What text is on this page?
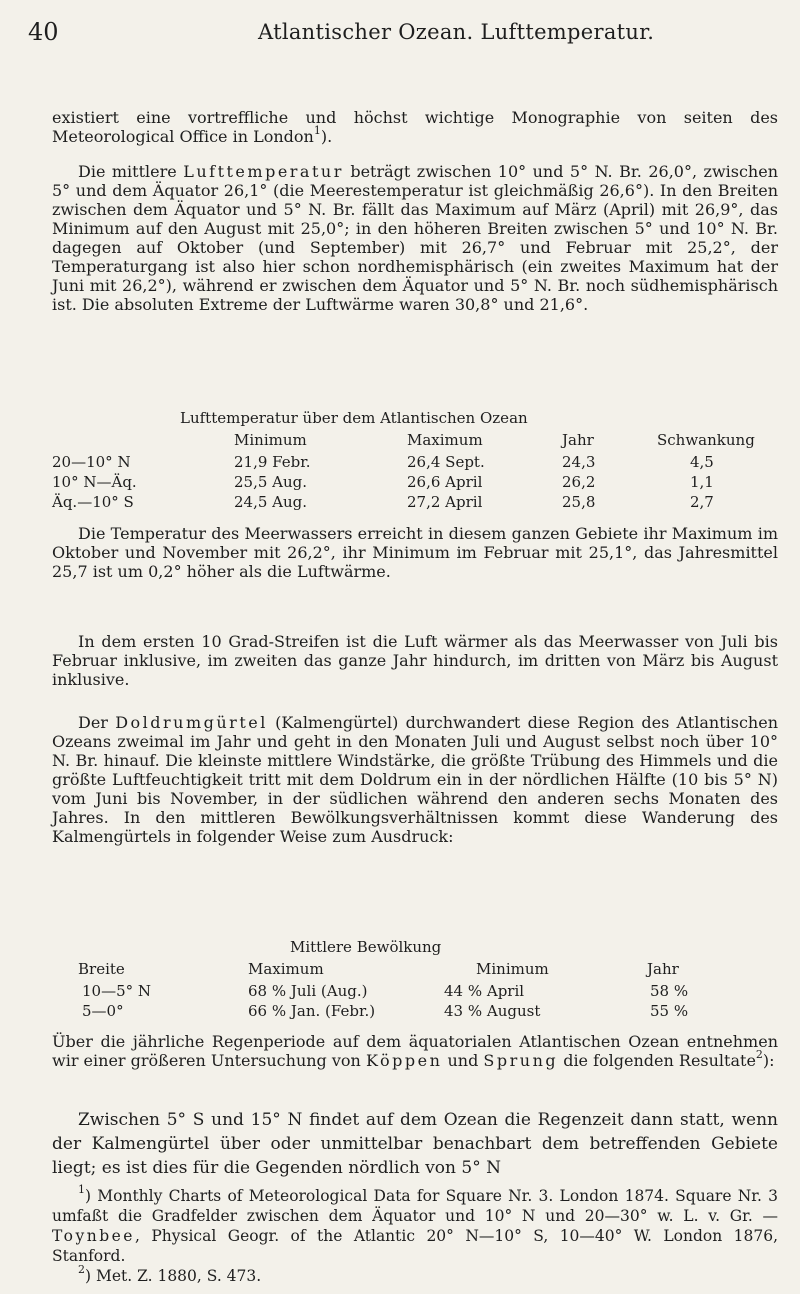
40	Atlantischer Ozean. Lufttemperatur.

existiert eine vortreffliche und höchst wichtige Monographie von seiten des Meteorological Office in London$^1$).

Die mittlere Lufttemperatur beträgt zwischen 10° und 5° N. Br. 26,0°, zwischen 5° und dem Äquator 26,1° (die Meerestemperatur ist gleichmäßig 26,6°). In den Breiten zwischen dem Äquator und 5° N. Br. fällt das Maximum auf März (April) mit 26,9°, das Minimum auf den August mit 25,0°; in den höheren Breiten zwischen 5° und 10° N. Br. dagegen auf Oktober (und September) mit 26,7° und Februar mit 25,2°, der Temperaturgang ist also hier schon nordhemisphärisch (ein zweites Maximum hat der Juni mit 26,2°), während er zwischen dem Äquator und 5° N. Br. noch südhemisphärisch ist. Die absoluten Extreme der Luftwärme waren 30,8° und 21,6°.

Lufttemperatur über dem Atlantischen Ozean
Minimum	Maximum	Jahr	Schwankung
20—10° N	21,9 Febr.	26,4 Sept.	24,3	4,5
10° N—Äq.	25,5 Aug.	26,6 April	26,2	1,1
Äq.—10° S	24,5 Aug.	27,2 April	25,8	2,7

Die Temperatur des Meerwassers erreicht in diesem ganzen Gebiete ihr Maximum im Oktober und November mit 26,2°, ihr Minimum im Februar mit 25,1°, das Jahresmittel 25,7 ist um 0,2° höher als die Luftwärme.

In dem ersten 10 Grad-Streifen ist die Luft wärmer als das Meerwasser von Juli bis Februar inklusive, im zweiten das ganze Jahr hindurch, im dritten von März bis August inklusive.

Der Doldrumgürtel (Kalmengürtel) durchwandert diese Region des Atlantischen Ozeans zweimal im Jahr und geht in den Monaten Juli und August selbst noch über 10° N. Br. hinauf. Die kleinste mittlere Windstärke, die größte Trübung des Himmels und die größte Luftfeuchtigkeit tritt mit dem Doldrum ein in der nördlichen Hälfte (10 bis 5° N) vom Juni bis November, in der südlichen während den anderen sechs Monaten des Jahres. In den mittleren Bewölkungsverhältnissen kommt diese Wanderung des Kalmengürtels in folgender Weise zum Ausdruck:

Mittlere Bewölkung
Breite	Maximum	Minimum	Jahr
10—5° N	68 % Juli (Aug.)	44 % April	58 %
5—0°	66 % Jan. (Febr.)	43 % August	55 %

Über die jährliche Regenperiode auf dem äquatorialen Atlantischen Ozean entnehmen wir einer größeren Untersuchung von Köppen und Sprung die folgenden Resultate$^2$):

Zwischen 5° S und 15° N findet auf dem Ozean die Regenzeit dann statt, wenn der Kalmengürtel über oder unmittelbar benachbart dem betreffenden Gebiete liegt; es ist dies für die Gegenden nördlich von 5° N

$^1$) Monthly Charts of Meteorological Data for Square Nr. 3. London 1874. Square Nr. 3 umfaßt die Gradfelder zwischen dem Äquator und 10° N und 20—30° w. L. v. Gr. — Toynbee, Physical Geogr. of the Atlantic 20° N—10° S, 10—40° W. London 1876, Stanford.

$^2$) Met. Z. 1880, S. 473.
